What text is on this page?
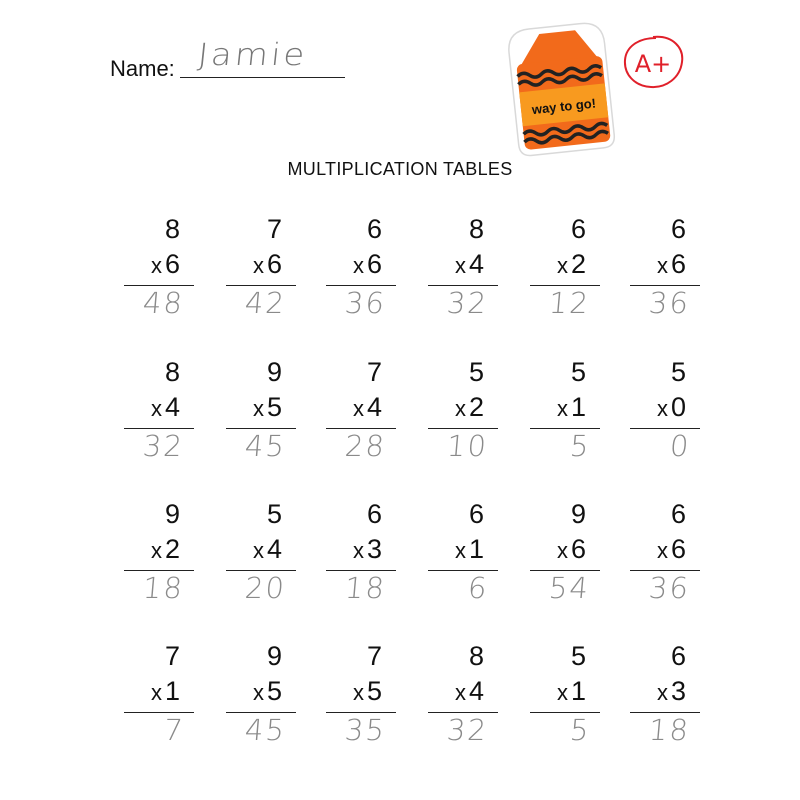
Name: Jamie
way to go!
A+
MULTIPLICATION TABLES
8
x 6
48
7
x 6
42
6
x 6
36
8
x 4
32
6
x 2
12
6
x 6
36
8
x 4
32
9
x 5
45
7
x 4
28
5
x 2
10
5
x 1
5
5
x 0
0
9
x 2
18
5
x 4
20
6
x 3
18
6
x 1
6
9
x 6
54
6
x 6
36
7
x 1
7
9
x 5
45
7
x 5
35
8
x 4
32
5
x 1
5
6
x 3
18
